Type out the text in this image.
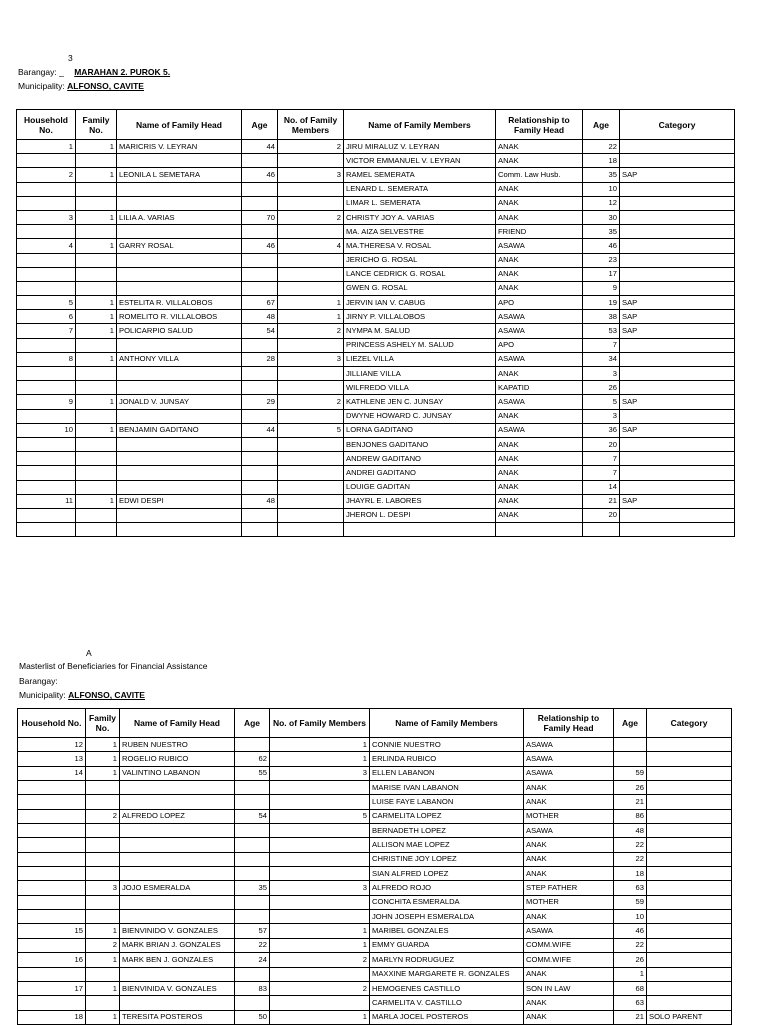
3
Barangay: _ MARAHAN 2. PUROK 5.
Municipality: ALFONSO, CAVITE
Household No.	Family No.	Name of Family Head	Age	No. of Family Members	Name of Family Members	Relationship to Family Head	Age	Category
1	1	MARICRIS V. LEYRAN	44	2	JIRU MIRALUZ V. LEYRAN	ANAK	22	
					VICTOR EMMANUEL V. LEYRAN	ANAK	18	
2	1	LEONILA L SEMETARA	46	3	RAMEL SEMERATA	Comm. Law Husb.	35	SAP
					LENARD L. SEMERATA	ANAK	10	
					LIMAR L. SEMERATA	ANAK	12	
3	1	LILIA A. VARIAS	70	2	CHRISTY JOY A. VARIAS	ANAK	30	
					MA. AIZA SELVESTRE	FRIEND	35	
4	1	GARRY ROSAL	46	4	MA.THERESA V. ROSAL	ASAWA	46	
					JERICHO G. ROSAL	ANAK	23	
					LANCE CEDRICK G. ROSAL	ANAK	17	
					GWEN G. ROSAL	ANAK	9	
5	1	ESTELITA R. VILLALOBOS	67	1	JERVIN IAN V. CABUG	APO	19	SAP
6	1	ROMELITO R. VILLALOBOS	48	1	JIRNY P. VILLALOBOS	ASAWA	38	SAP
7	1	POLICARPIO SALUD	54	2	NYMPA M. SALUD	ASAWA	53	SAP
					PRINCESS ASHELY M. SALUD	APO	7	
8	1	ANTHONY VILLA	28	3	LIEZEL VILLA	ASAWA	34	
					JILLIANE VILLA	ANAK	3	
					WILFREDO VILLA	KAPATID	26	
9	1	JONALD V. JUNSAY	29	2	KATHLENE JEN C. JUNSAY	ASAWA	5	SAP
					DWYNE HOWARD C. JUNSAY	ANAK	3	
10	1	BENJAMIN GADITANO	44	5	LORNA GADITANO	ASAWA	36	SAP
					BENJONES GADITANO	ANAK	20	
					ANDREW GADITANO	ANAK	7	
					ANDREI GADITANO	ANAK	7	
					LOUIGE GADITAN	ANAK	14	
11	1	EDWI DESPI	48		JHAYRL E. LABORES	ANAK	21	SAP
					JHERON L. DESPI	ANAK	20	

A
Masterlist of Beneficiaries for Financial Assistance
Barangay:
Municipality: ALFONSO, CAVITE
Household No.	Family No.	Name of Family Head	Age	No. of Family Members	Name of Family Members	Relationship to Family Head	Age	Category
12	1	RUBEN NUESTRO		1	CONNIE NUESTRO	ASAWA		
13	1	ROGELIO RUBICO	62	1	ERLINDA RUBICO	ASAWA		
14	1	VALINTINO LABANON	55	3	ELLEN LABANON	ASAWA	59	
					MARISE IVAN LABANON	ANAK	26	
					LUISE FAYE LABANON	ANAK	21	
	2	ALFREDO LOPEZ	54	5	CARMELITA LOPEZ	MOTHER	86	
					BERNADETH LOPEZ	ASAWA	48	
					ALLISON MAE LOPEZ	ANAK	22	
					CHRISTINE JOY LOPEZ	ANAK	22	
					SIAN ALFRED LOPEZ	ANAK	18	
	3	JOJO ESMERALDA	35	3	ALFREDO ROJO	STEP FATHER	63	
					CONCHITA ESMERALDA	MOTHER	59	
					JOHN JOSEPH ESMERALDA	ANAK	10	
15	1	BIENVINIDO V. GONZALES	57	1	MARIBEL GONZALES	ASAWA	46	
	2	MARK BRIAN J. GONZALES	22	1	EMMY GUARDA	COMM.WIFE	22	
16	1	MARK BEN J. GONZALES	24	2	MARLYN RODRUGUEZ	COMM.WIFE	26	
					MAXXINE MARGARETE R. GONZALES	ANAK	1	
17	1	BIENVINIDA V. GONZALES	83	2	HEMOGENES CASTILLO	SON IN LAW	68	
					CARMELITA V. CASTILLO	ANAK	63	
18	1	TERESITA POSTEROS	50	1	MARLA JOCEL POSTEROS	ANAK	21	SOLO PARENT
